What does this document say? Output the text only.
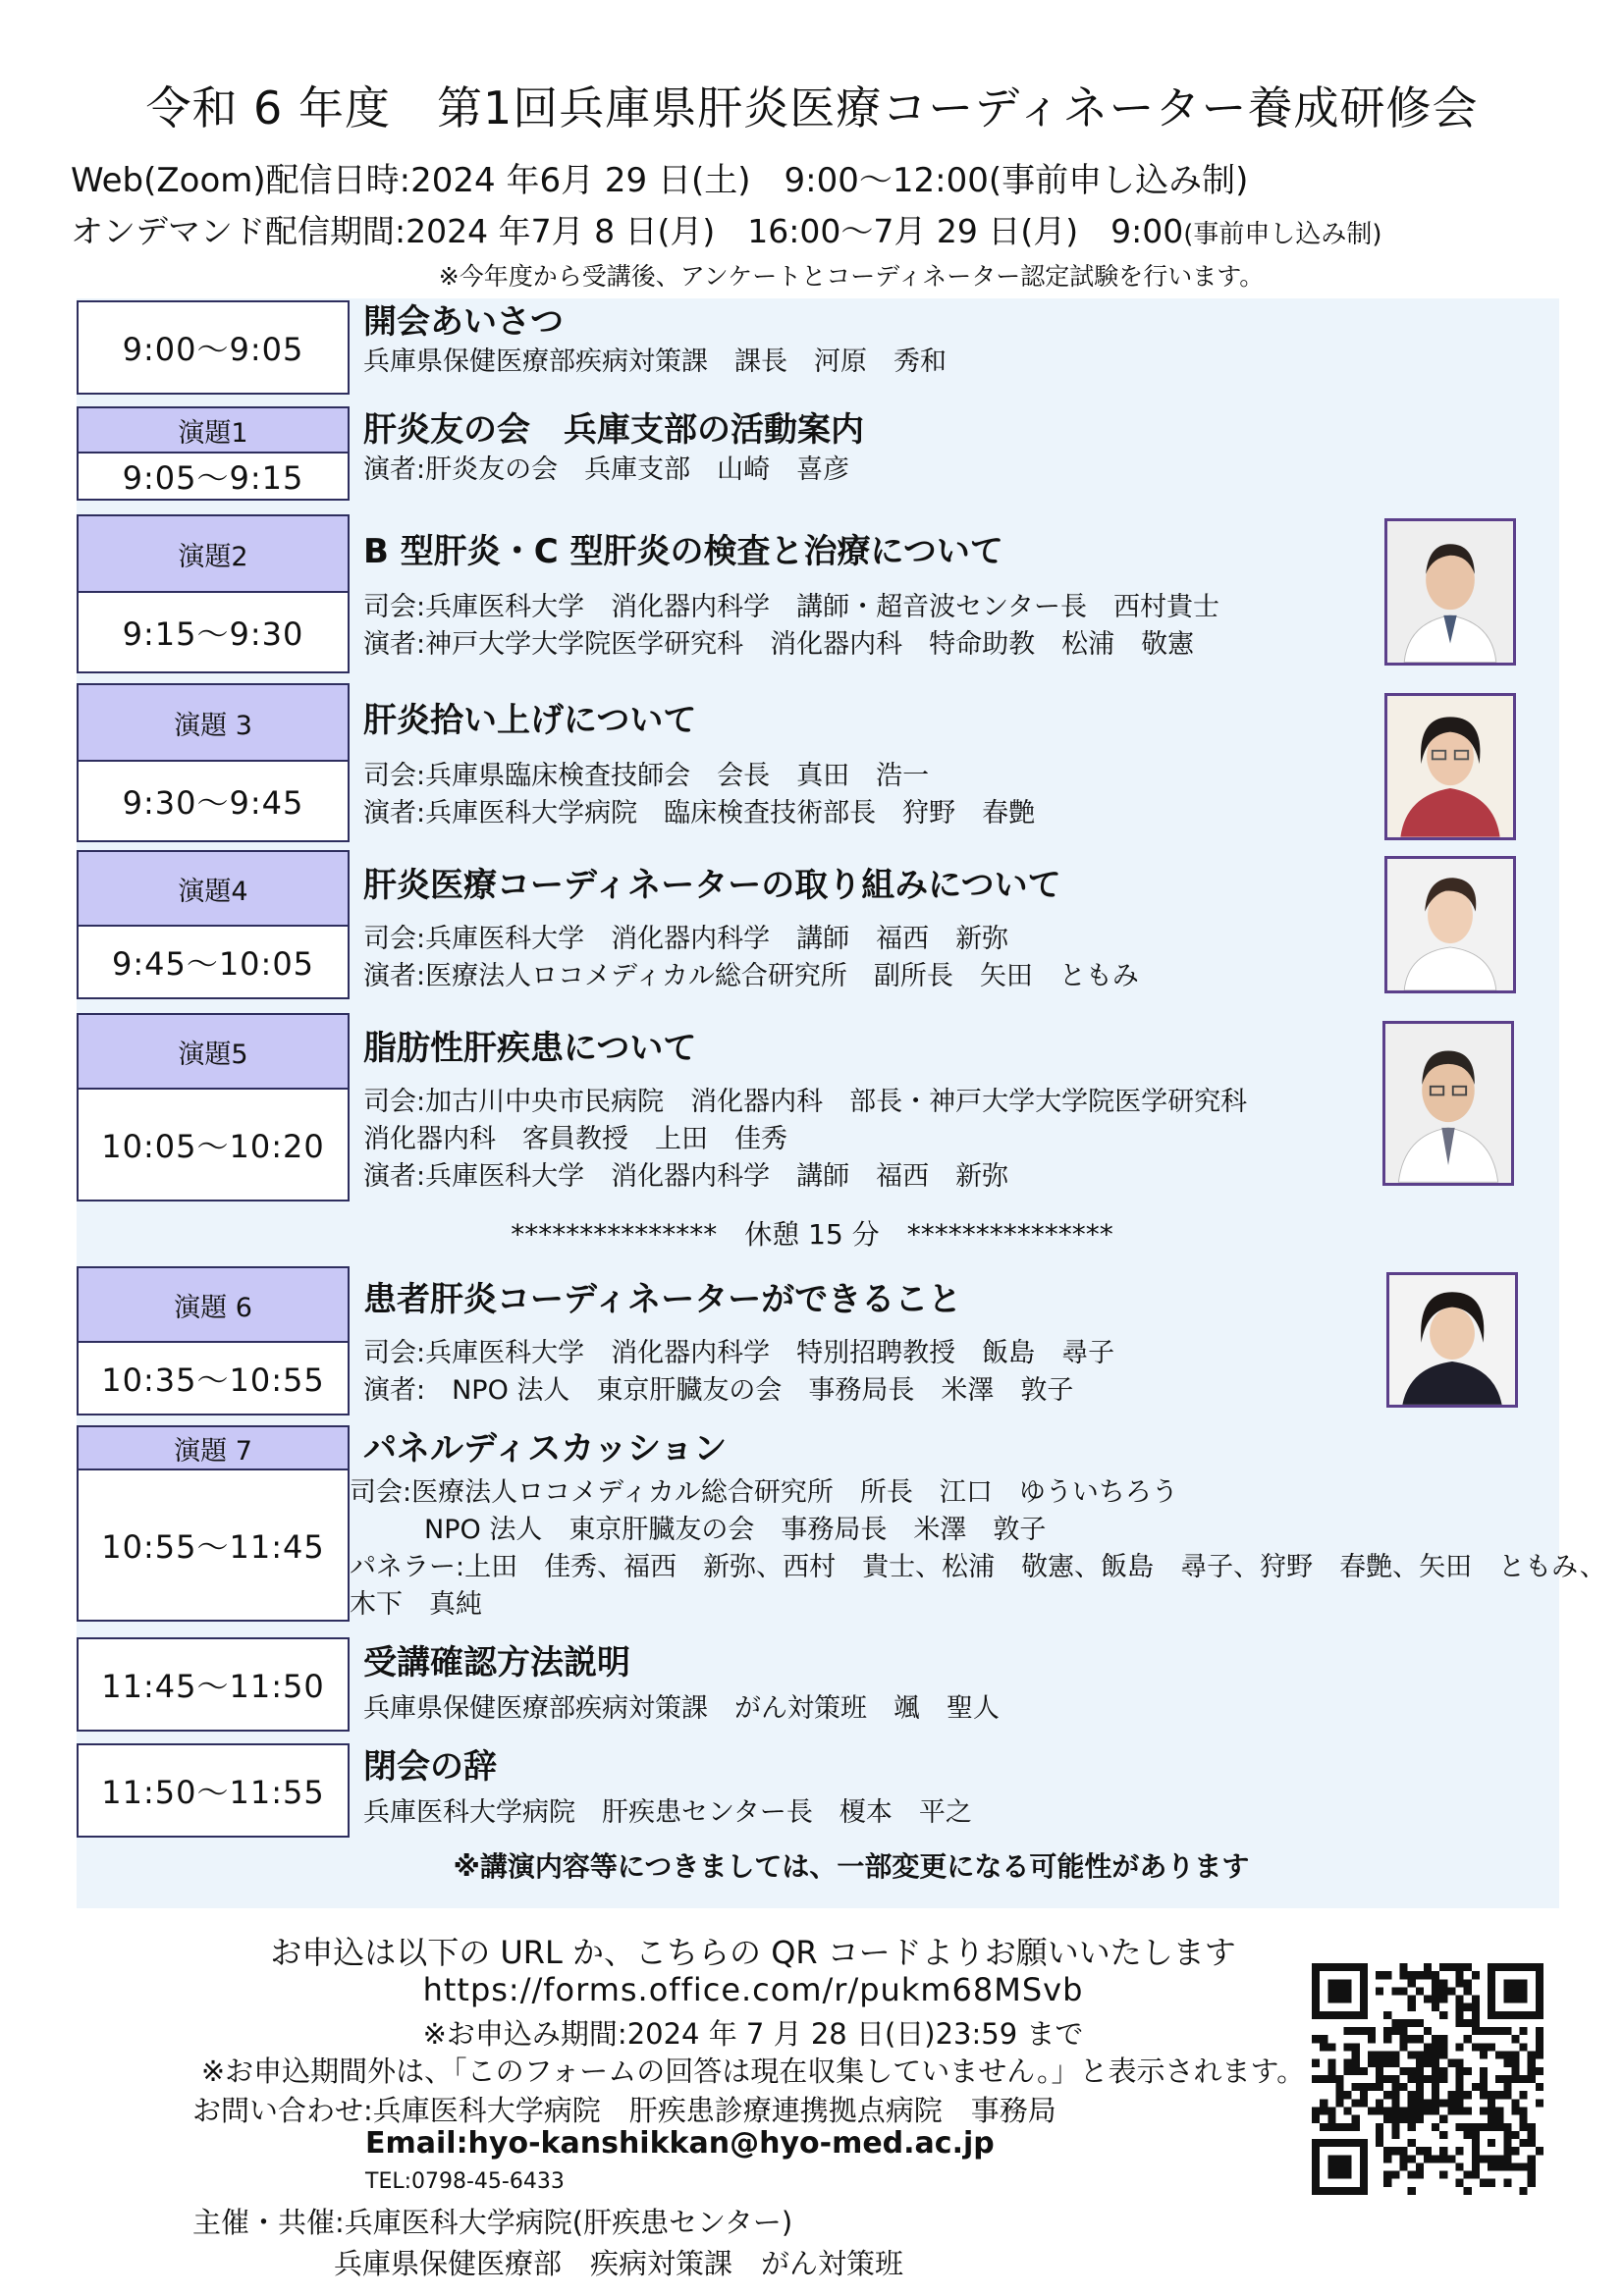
令和 6 年度　第1回兵庫県肝炎医療コーディネーター養成研修会
Web(Zoom)配信日時:2024 年6月 29 日(土)　9:00～12:00(事前申し込み制)
オンデマンド配信期間:2024 年7月 8 日(月)　16:00～7月 29 日(月)　9:00(事前申し込み制)
※今年度から受講後、アンケートとコーディネーター認定試験を行います。
9:00～9:05
開会あいさつ
兵庫県保健医療部疾病対策課　課長　河原　秀和
演題1
9:05～9:15
肝炎友の会　兵庫支部の活動案内
演者:肝炎友の会　兵庫支部　山崎　喜彦
演題2
9:15～9:30
B 型肝炎・C 型肝炎の検査と治療について
司会:兵庫医科大学　消化器内科学　講師・超音波センター長　西村貴士
演者:神戸大学大学院医学研究科　消化器内科　特命助教　松浦　敬憲
演題 3
9:30～9:45
肝炎拾い上げについて
司会:兵庫県臨床検査技師会　会長　真田　浩一
演者:兵庫医科大学病院　臨床検査技術部長　狩野　春艶
演題4
9:45～10:05
肝炎医療コーディネーターの取り組みについて
司会:兵庫医科大学　消化器内科学　講師　福西　新弥
演者:医療法人ロコメディカル総合研究所　副所長　矢田　ともみ
演題5
10:05～10:20
脂肪性肝疾患について
司会:加古川中央市民病院　消化器内科　部長・神戸大学大学院医学研究科
消化器内科　客員教授　上田　佳秀
演者:兵庫医科大学　消化器内科学　講師　福西　新弥
***************　休憩 15 分　***************
演題 6
10:35～10:55
患者肝炎コーディネーターができること
司会:兵庫医科大学　消化器内科学　特別招聘教授　飯島　尋子
演者:　NPO 法人　東京肝臓友の会　事務局長　米澤　敦子
演題 7
10:55～11:45
パネルディスカッション
司会:医療法人ロコメディカル総合研究所　所長　江口　ゆういちろう
NPO 法人　東京肝臓友の会　事務局長　米澤　敦子
パネラー:上田　佳秀、福西　新弥、西村　貴士、松浦　敬憲、飯島　尋子、狩野　春艶、矢田　ともみ、
木下　真純
11:45～11:50
受講確認方法説明
兵庫県保健医療部疾病対策課　がん対策班　颯　聖人
11:50～11:55
閉会の辞
兵庫医科大学病院　肝疾患センター長　榎本　平之
※講演内容等につきましては、一部変更になる可能性があります
お申込は以下の URL か、こちらの QR コードよりお願いいたします
https://forms.office.com/r/pukm68MSvb
※お申込み期間:2024 年 7 月 28 日(日)23:59 まで
※お申込期間外は、「このフォームの回答は現在収集していません。」と表示されます。
お問い合わせ:兵庫医科大学病院　肝疾患診療連携拠点病院　事務局
Email:hyo-kanshikkan@hyo-med.ac.jp
TEL:0798-45-6433
主催・共催:兵庫医科大学病院(肝疾患センター)
兵庫県保健医療部　疾病対策課　がん対策班
